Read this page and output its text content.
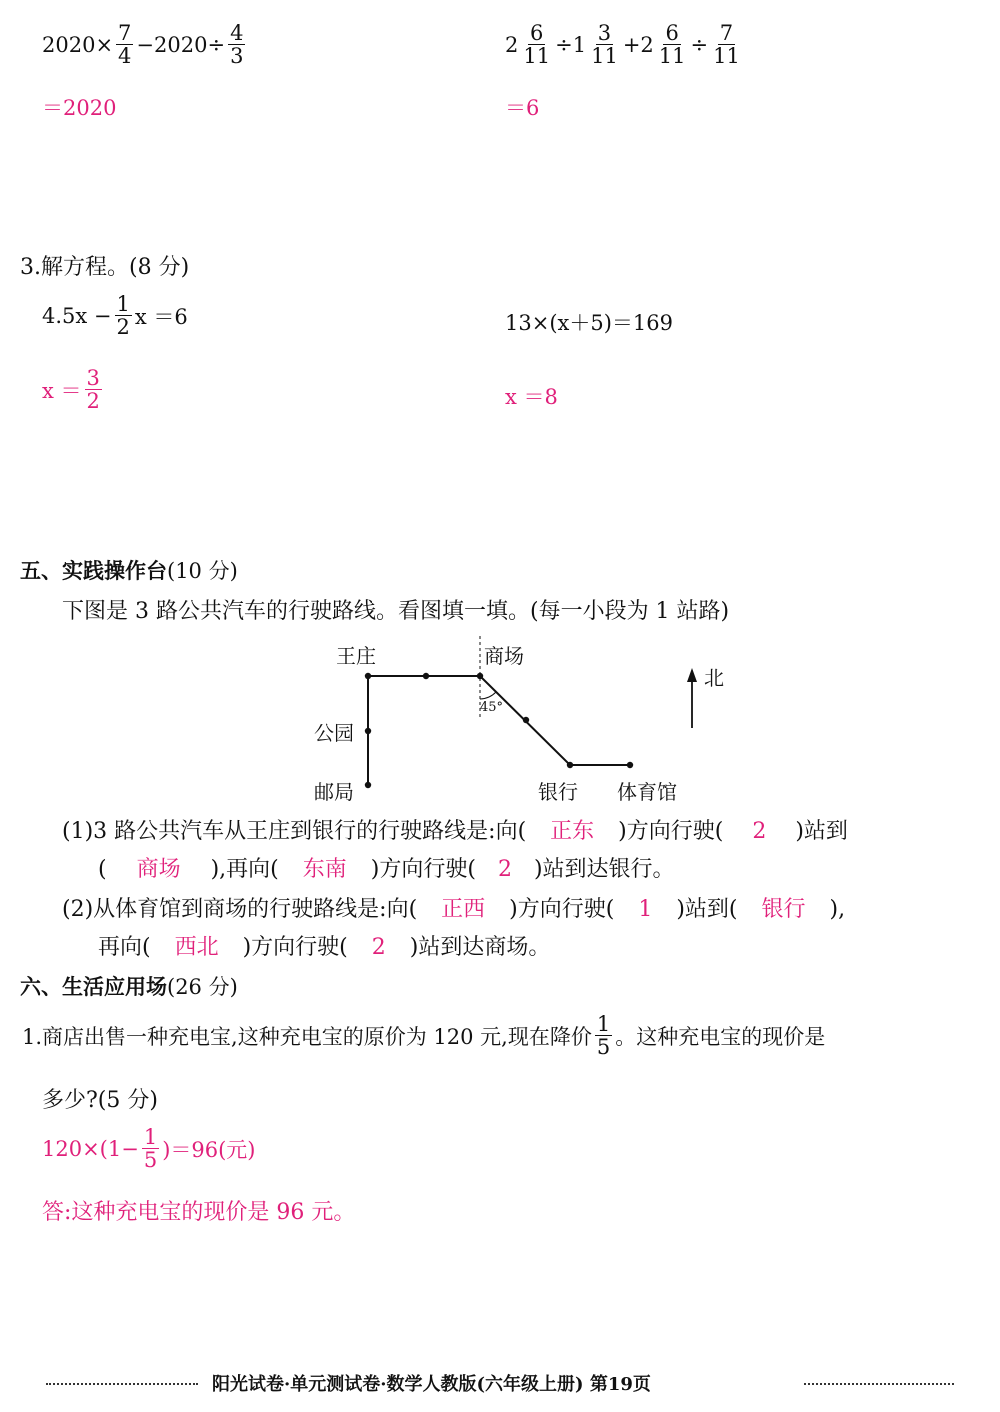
$2020\times \frac{7}{4} -2020\div \frac{4}{3}$
＝2020
$2 \frac{6}{11} \div 1 \frac{3}{11} +2 \frac{6}{11} \div \frac{7}{11}$
＝6
3.解方程。(8 分)
$4.5x - \frac{1}{2}$ x ＝6
$x = \frac{3}{2}$
13×(x＋5)＝169
x ＝8
五、实践操作台(10 分)
下图是 3 路公共汽车的行驶路线。看图填一填。(每一小段为 1 站路)
王庄	商场
公园
邮局	银行 体育馆
45°
北
(1)3 路公共汽车从王庄到银行的行驶路线是:向( 正东 )方向行驶( 2 )站到
( 商场 ),再向( 东南 )方向行驶( 2 )站到达银行。
(2)从体育馆到商场的行驶路线是:向( 正西 )方向行驶( 1 )站到( 银行 ),
再向( 西北 )方向行驶( 2 )站到达商场。
六、生活应用场(26 分)
1.商店出售一种充电宝,这种充电宝的原价为 120 元,现在降价 $\frac{1}{5}$ 。这种充电宝的现价是
多少?(5 分)
$120\times(1- \frac{1}{5} )=96$(元)
答:这种充电宝的现价是 96 元。
阳光试卷·单元测试卷·数学人教版(六年级上册) 第19页
